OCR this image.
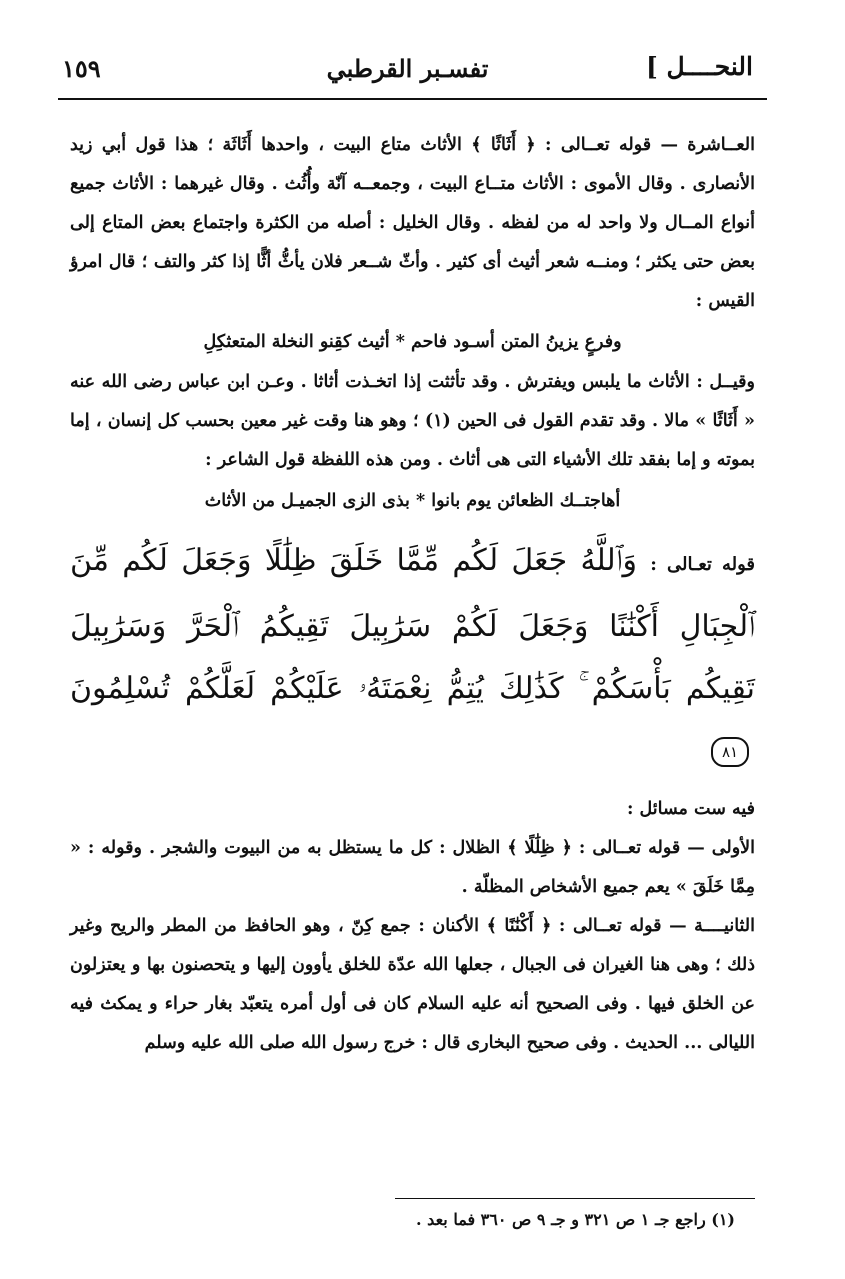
النحــــل ]
تفسـبر القرطبي
١٥٩

العــاشرة — قوله تعــالى : ﴿ أَثَاثًا ﴾ الأثاث متاع البيت ، واحدها أَثَاثَة ؛ هذا قول أبي زيد الأنصارى . وقال الأموى : الأثاث متــاع البيت ، وجمعــه آنّة وأُثُث . وقال غيرهما : الأثاث جميع أنواع المــال ولا واحد له من لفظه . وقال الخليل : أصله من الكثرة واجتماع بعض المتاع إلى بعض حتى يكثر ؛ ومنــه شعر أثيث أى كثير . وأثّ شــعر فلان يأثُّ أثًّا إذا كثر والتف ؛ قال امرؤ القيس :

وفرعٍ يزينُ المتن أسـود فاحم * أثيث كقِنو النخلة المتعثكِلِ

وقيــل : الأثاث ما يلبس ويفترش . وقد تأثثت إذا اتخـذت أثاثا . وعـن ابن عباس رضى الله عنه « أَثَاثًا » مالا . وقد تقدم القول فى الحين (١) ؛ وهو هنا وقت غير معين بحسب كل إنسان ، إما بموته و إما بفقد تلك الأشياء التى هى أثاث . ومن هذه اللفظة قول الشاعر :

أهاجتــك الظعائن يوم بانوا * بذى الزى الجميـل من الأثاث

قوله تعـالى : وَٱللَّهُ جَعَلَ لَكُم مِّمَّا خَلَقَ ظِلَٰلًا وَجَعَلَ لَكُم مِّنَ ٱلْجِبَالِ أَكْنَٰنًا وَجَعَلَ لَكُمْ سَرَٰبِيلَ تَقِيكُمُ ٱلْحَرَّ وَسَرَٰبِيلَ تَقِيكُم بَأْسَكُمْ ۚ كَذَٰلِكَ يُتِمُّ نِعْمَتَهُۥ عَلَيْكُمْ لَعَلَّكُمْ تُسْلِمُونَ ٨١

فيه ست مسائل :

الأولى — قوله تعــالى : ﴿ ظِلَٰلًا ﴾ الظلال : كل ما يستظل به من البيوت والشجر . وقوله : « مِمَّا خَلَقَ » يعم جميع الأشخاص المظلّة .

الثانيــــة — قوله تعــالى : ﴿ أَكْنَٰنًا ﴾ الأكنان : جمع كِنّ ، وهو الحافظ من المطر والريح وغير ذلك ؛ وهى هنا الغيران فى الجبال ، جعلها الله عدّة للخلق يأوون إليها و يتحصنون بها و يعتزلون عن الخلق فيها . وفى الصحيح أنه عليه السلام كان فى أول أمره يتعبّد بغار حراء و يمكث فيه الليالى ... الحديث . وفى صحيح البخارى قال : خرج رسول الله صلى الله عليه وسلم

(١) راجع جـ ١ ص ٣٢١ و جـ ٩ ص ٣٦٠ فما بعد .
